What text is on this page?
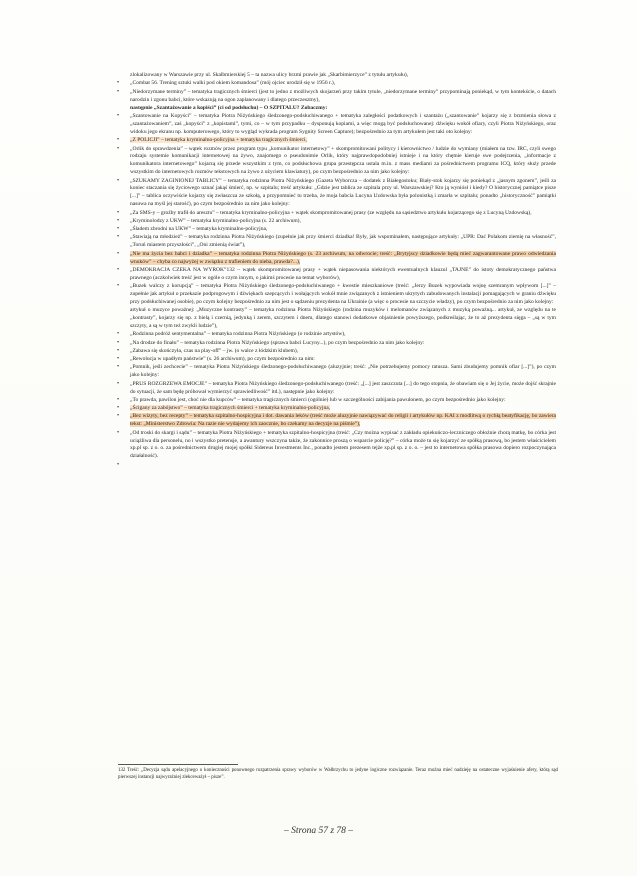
zlokalizowany w Warszawie przy ul. Skalbmierskiej 5 – ta nazwa ulicy brzmi prawie jak „Skarbimierzyce” z tytułu artykułu),
•	„Combat 56. Trening sztuki walki pod okiem komandosa” (mój ojciec urodził się w 1956 r.),
•	„Niedorzymane terminy” – tematyka tragicznych śmierci (jest to jedno z możliwych skojarzeń przy takim tytule, „niedorzymane terminy” przypominają poniekąd, w tym kontekście, o datach narodzin i zgonu babci, które wskazują na ogon zaplanowany i dlatego przeczesztny),
następnie „Szantażowanie a kopiści” (ci od podsłuchu) – O SZPITALU? Zobaczmy:
•	„Szantowanie na Kopyści” – tematyka Piotra Niżyńskiego śledzonego-podsłuchiwanego + tematyka zaległości podatkowych i szantażu („szantowanie” kojarzy się z brzmienia słowa z „szantażowaniem”, zaś „kopyści” z „kopistami”, tymi, co – w tym przypadku – dysponują kopiami, a więc mogą być podsłuchowanej: dźwięku wokół ofiary, czyli Piotra Niżyńskiego, oraz widoku jego ekranu np. komputerowego, który to wygląd wykrada program Sygnity Screen Capture); bezpośrednio za tym artykułem jest taki oto kolejny:
•	„Z POLICJI” – tematyka kryminalno-policyjna + tematyka tragicznych śmierci,
•	„Orlik do sprawdzenia” – wątek rozmów przez program typu „komunikator internetowy” + skompromitowani politycy i kierownictwo / ludzie do wymiany (miałem na tzw. IRC, czyli swego rodzaju systemie komunikacji internetowej na żywo, znajomego o pseudonimie Orlik, który najprawdopodobniej istnieje i na który chętnie kieruje swe podejrzenia, „informacje z komunikatora internetowego” kojarzą się przede wszystkim z tym, co podsłuchowa grupa przestępcza ustala m.in. z mass mediami za pośrednictwem programu ICQ, który służy przede wszystkim do internetowych rozmów tekstowych na żywo z użyciem klawiatury), po czym bezpośrednio za nim jako kolejny:
•	„SZUKAMY ZAGINIONEJ TABLICY” – tematyka rodzinna Piotra Niżyńskiego (Gazeta Wyborcza – dodatek z Białegostoku; Biały-stok kojarzy się poniekąd z „jasnym zgonem”, jeśli za koniec staczania się życiowego uznać jakąś śmierć, np. w szpitalu; treść artykułu: „Gdzie jest tablica ze szpitala przy ul. Warszawskiej? Kto ją wyniósł i kiedy? O historycznej pamiątce pisze [...]” – tablica oczywiście kojarzy się zwłaszcza ze szkołą, a przypomnieć tu trzeba, że moja babcia Lucyna Uzdowska była polonistką i zmarła w szpitalu; ponadto „historyczność” pamiątki nasuwa na myśl jej starość), po czym bezpośrednio za nim jako kolejny:
•	„Za SMS-y – groźby trafił do aresztu” – tematyka kryminalno-policyjna + wątek skompromitowanej prasy (ze względu na sąsiedztwo artykułu kojarzącego się z Lucyną Uzdowską),
•	„Kryminolodzy z UKW” – tematyka kryminalno-policyjna (s. 22 archiwum),
•	„Śladem zbrodni na UKW” – tematyka kryminalno-policyjna,
•	„Stawiają na młodzież” – tematyka rodzinna Piotra Niżyńskiego (zupełnie jak przy śmierci dziadka! Były, jak wspominałem, następujące artykuły: „UPR: Dać Polakom ziemię na własność”, „Toruń miastem przyszłości”, „Oni zmienią świat”),
•	„Nie ma życia bez babci i dziadka” – tematyka rodzinna Piotra Niżyńskiego (s. 23 archiwum, na odwrocie; treść: „Brytyjscy dziadkowie będą mieć zagwarantowane prawo odwiedzania wnuków” – chyba co najwyżej w związku z trafieniem do nieba, prawda?...),
•	„DEMOKRACJA CZEKA NA WYROK”132 – wątek skompromitowanej prasy + wątek niepasowania niektórych ewentualnych klauzul „TAJNE” do istoty demokratycznego państwa prawnego (aczkolwiek treść jest w ogóle o czym innym, o jakimś procesie na temat wyborów),
•	„Buzek walczy z korupcją” – tematyka Piotra Niżyńskiego śledzonego-podsłuchiwanego + kwestie mieszkaniowe (treść: „Jerzy Buzek wypowiada wojnę szemranym wpływom [...]” – zupełnie jak artykuł o przekazie podprogowym i dźwiękach szepcących i wołających wokół mnie związanych z istnieniem ukrytych zabudowanych instalacji pomagających w graniu dźwięku przy podsłuchiwanej osobie), po czym kolejny bezpośrednio za nim jest o sądzeniu prezydenta na Ukrainie (a więc o procesie na szczycie władzy), po czym bezpośrednio za nim jako kolejny:
artykuł o muzyce poważnej: „Muzyczne kontrasty” – tematyka rodzinna Piotra Niżyńskiego (rodzina muzyków i melomanów związanych z muzyką poważną... artykuł, ze względu na te „kontrasty”, kojarzy się np. z bielą i czernią, jedynką i zerem, szczytem i dnem, dlatego stanowi dodatkowe objaśnienie powyższego, podkreślając, że to aż prezydenta sięga – „są w tym szczyty, a są w tym też zwykli ludzie”),
•	„Rodzinna podróż sentymentalna” – tematyka rodzinna Piotra Niżyńskiego (o rodzinie artystów),
•	„Na drodze do finału” – tematyka rodzinna Piotra Niżyńskiego (sprawa babci Lucyny...), po czym bezpośrednio za nim jako kolejny:
•	„Zabawa się skończyła, czas na play-off” – jw. (o walce z łódzkim klubem),
•	„Rewolucja w upadłym państwie” (s. 26 archiwum), po czym bezpośrednio za nim:
•	„Pomnik, jeśli zechcecie” – tematyka Piotra Niżyńskiego śledzonego-podsłuchiwanego (aluzyjnie; treść: „Nie potrzebujemy pomocy ratusza. Sami zbudujemy pomnik ofiar [...]”), po czym jako kolejny:
•	„PRUS ROZGRZEWA EMOCJE” – tematyka Piotra Niżyńskiego śledzonego-podsłuchiwanego (treść: „[...] jest zaszczuta [...] do tego stopnia, że obawiam się o Jej życie, może dojść skrajnie do sytuacji, że sam będę próbował wymierzyć sprawiedliwość” itd.), następnie jako kolejny:
•	„To prawda, pawilon jest, choć nie dla kupców” – tematyka tragicznych śmierci (ogólnie) lub w szczególności zabijania pawulonem, po czym bezpośrednio jako kolejny:
•	„Ścigany za zabójstwo” – tematyka tragicznych śmierci + tematyka kryminalno-policyjna,
•	„Bez wizyty, bez recepty” – tematyka szpitalno-hospicyjna i dot. dawania leków (treść może aluzyjnie nawiązywać do religii i artykułów np. KAI z modlitwą o rychłą beatyfikację, bo zawiera tekst: „Ministerstwo Zdrowia: Na razie nie wydajemy ich zaocznie, bo czekamy na decyzje na piśmie”),
•	„Od troski do skargi i sądu” – tematyka Piotra Niżyńskiego + tematyka szpitalno-hospicyjna (treść: „Czy można wypisać z zakładu opiekuńczo-leczniczego obłożnie chorą matkę, bo córka jest uciążliwa dla personelu, no i wszystko pretensje, a awantury wszczyna także, że zakonnice proszą o wsparcie policję?” – córka może tu się kojarzyć ze spółką prasową, bo jestem właścicielem xp.pl sp. z o. o. za pośrednictwem drugiej mojej spółki Sidereus Investments Inc., ponadto jestem prezesem tejże xp.pl sp. z o. o. – jest to internetowa spółka prasowa dopiero rozpoczynająca działalność).
•
132 Treść: „Decyzja sądu apelacyjnego o konieczności ponownego rozpatrzenia sprawy wyborów w Wałbrzychu to jedyne logiczne rozwiązanie. Teraz można mieć nadzieję na ostateczne wyjaśnienie afery, którą sąd pierwszej instancji najwyraźniej zlekceważył – pisze”.
– Strona 57 z 78 –
